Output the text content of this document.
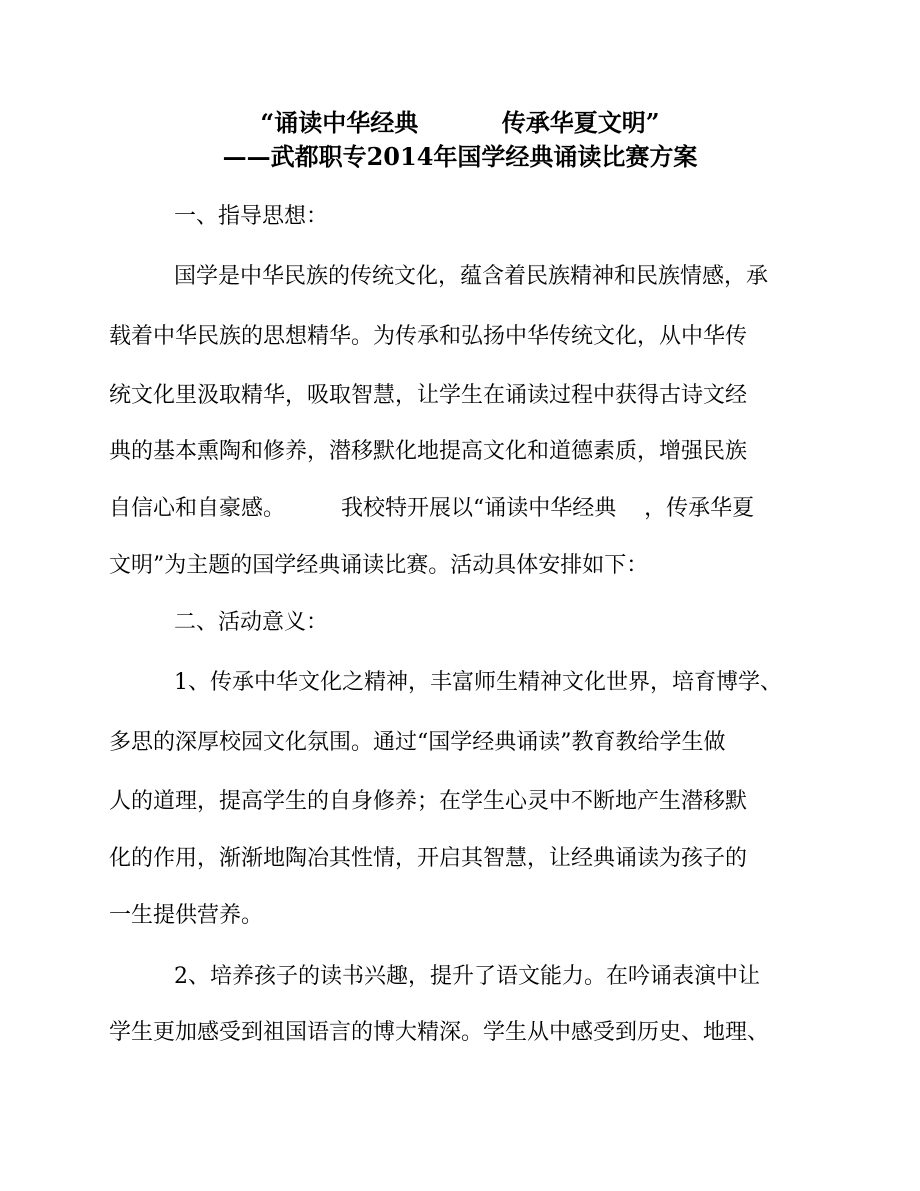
“诵读中华经典          传承华夏文明”
——武都职专2014年国学经典诵读比赛方案
一、指导思想：
国学是中华民族的传统文化，蕴含着民族精神和民族情感，承
载着中华民族的思想精华。为传承和弘扬中华传统文化，从中华传
统文化里汲取精华，吸取智慧，让学生在诵读过程中获得古诗文经
典的基本熏陶和修养，潜移默化地提高文化和道德素质，增强民族
自信心和自豪感。        我校特开展以“诵读中华经典    ，传承华夏
文明”为主题的国学经典诵读比赛。活动具体安排如下：
二、活动意义：
1、传承中华文化之精神，丰富师生精神文化世界，培育博学、
多思的深厚校园文化氛围。通过“国学经典诵读”教育教给学生做
人的道理，提高学生的自身修养；在学生心灵中不断地产生潜移默
化的作用，渐渐地陶冶其性情，开启其智慧，让经典诵读为孩子的
一生提供营养。
2、培养孩子的读书兴趣，提升了语文能力。在吟诵表演中让
学生更加感受到祖国语言的博大精深。学生从中感受到历史、地理、
